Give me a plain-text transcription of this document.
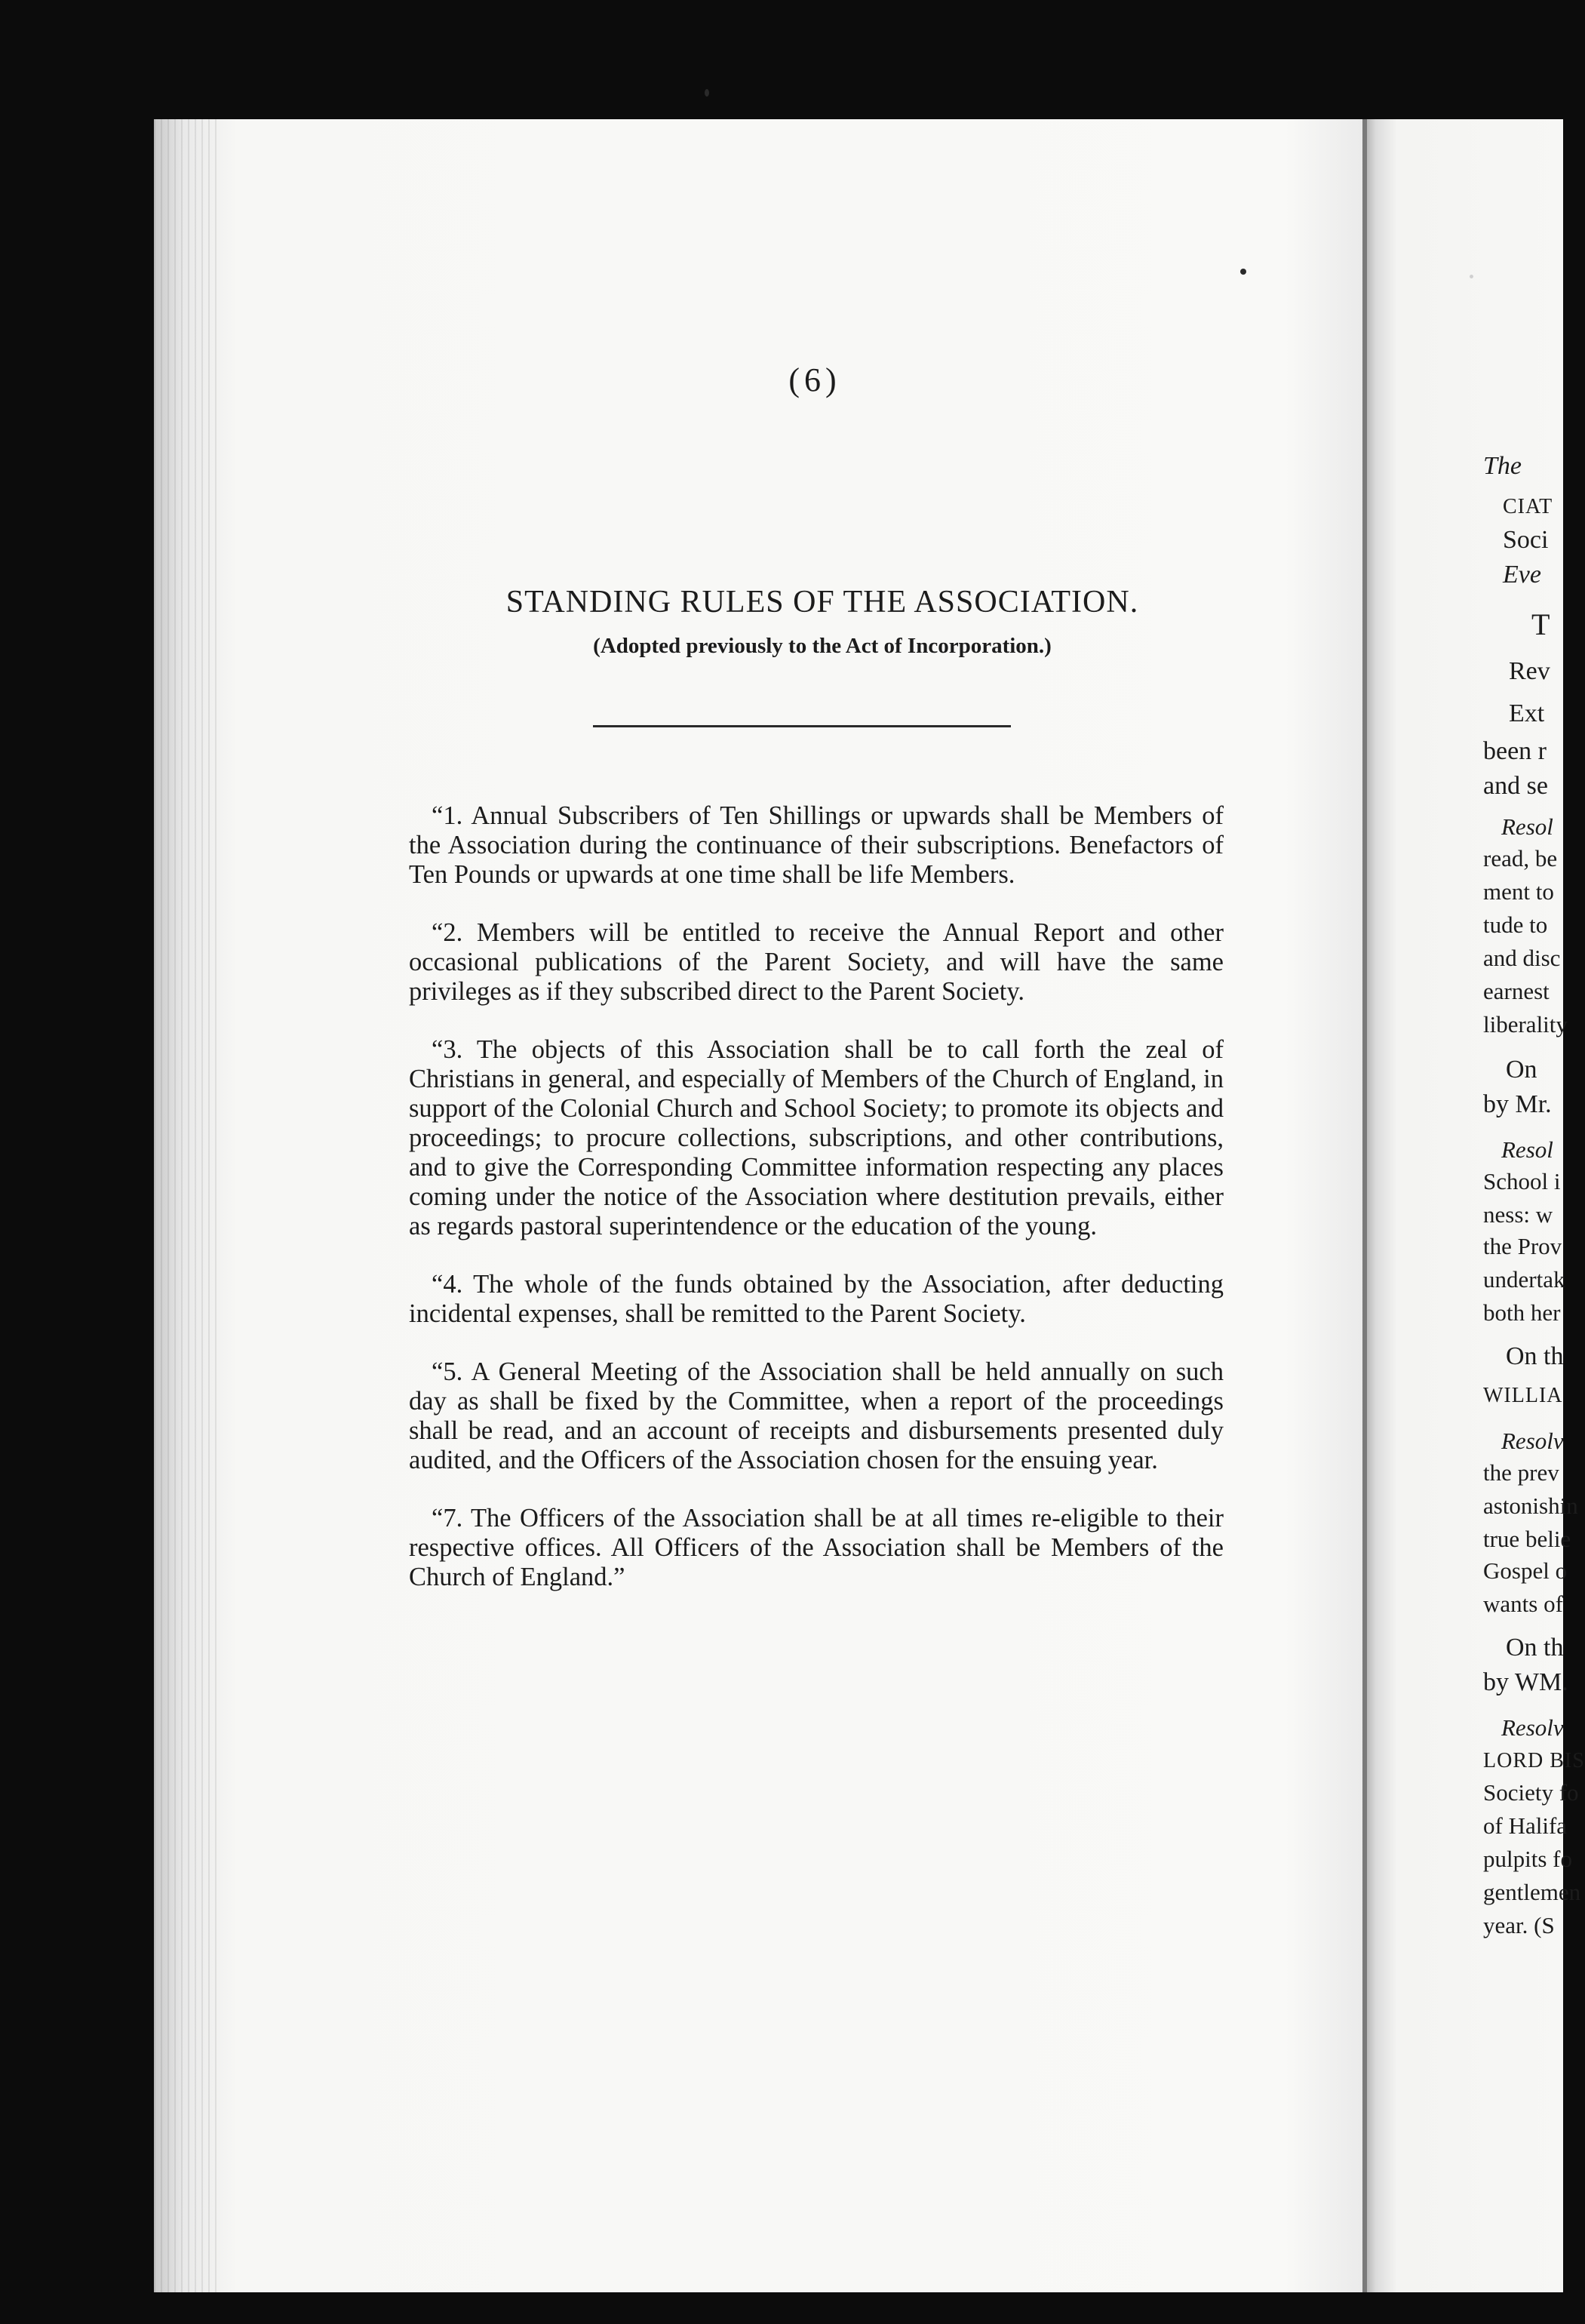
(6)
STANDING RULES OF THE ASSOCIATION.
(Adopted previously to the Act of Incorporation.)

“1. Annual Subscribers of Ten Shillings or upwards shall be Members of the Association during the continuance of their subscriptions. Benefactors of Ten Pounds or upwards at one time shall be life Members.

“2. Members will be entitled to receive the Annual Report and other occasional publications of the Parent Society, and will have the same privileges as if they subscribed direct to the Parent Society.

“3. The objects of this Association shall be to call forth the zeal of Christians in general, and especially of Members of the Church of England, in support of the Colonial Church and School Society; to promote its objects and proceedings; to procure collections, subscriptions, and other contributions, and to give the Corresponding Committee information respecting any places coming under the notice of the Association where destitution prevails, either as regards pastoral superintendence or the education of the young.

“4. The whole of the funds obtained by the Association, after deducting incidental expenses, shall be remitted to the Parent Society.

“5. A General Meeting of the Association shall be held annually on such day as shall be fixed by the Committee, when a report of the proceedings shall be read, and an account of receipts and disbursements presented duly audited, and the Officers of the Association chosen for the ensuing year.

“7. The Officers of the Association shall be at all times re-eligible to their respective offices. All Officers of the Association shall be Members of the Church of England.”

The
CIAT
Soci
Eve
T
Rev
Ext
been r
and se
Resol
read, be
ment to
tude to
and disc
earnest
liberality
On
by Mr.
Resol
School i
ness: w
the Prov
undertak
both her
On th
WILLIA
Resolv
the prev
astonishin
true belie
Gospel o
wants of
On th
by WM.
Resolv
LORD BIS
Society fo
of Halifa
pulpits fo
gentlemen
year. (S
